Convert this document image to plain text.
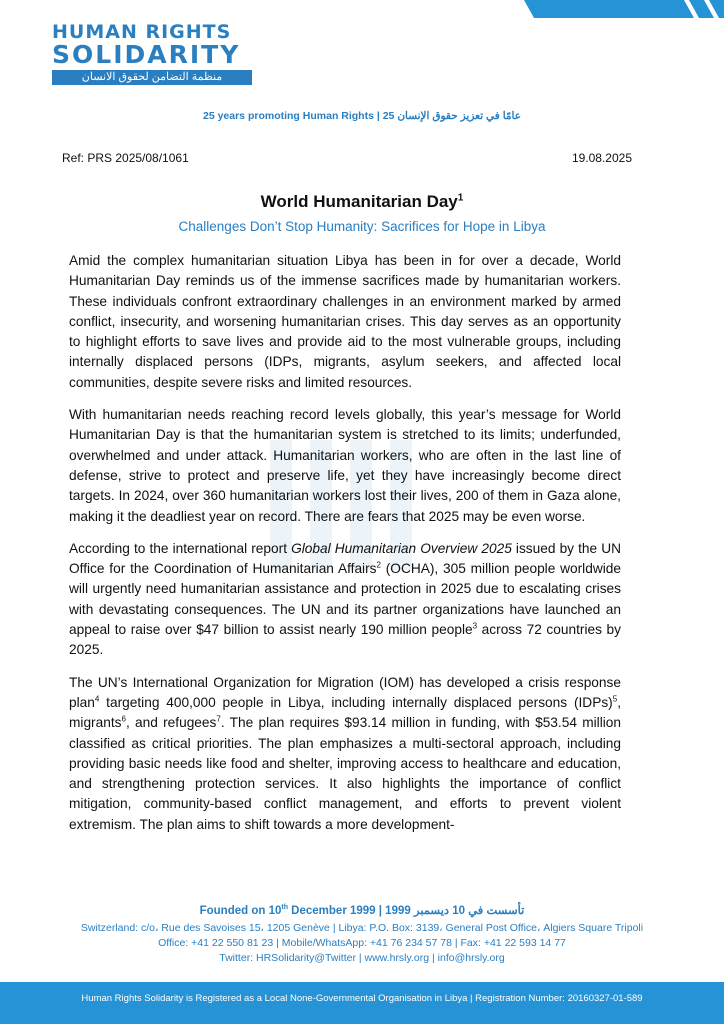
HUMAN RIGHTS
SOLIDARITY
منظمة التضامن لحقوق الانسان
25 years promoting Human Rights | 25 عامًا في تعزيز حقوق الإنسان
Ref: PRS 2025/08/1061	19.08.2025
World Humanitarian Day$^1$
Challenges Don’t Stop Humanity: Sacrifices for Hope in Libya

Amid the complex humanitarian situation Libya has been in for over a decade, World Humanitarian Day reminds us of the immense sacrifices made by humanitarian workers. These individuals confront extraordinary challenges in an environment marked by armed conflict, insecurity, and worsening humanitarian crises. This day serves as an opportunity to highlight efforts to save lives and provide aid to the most vulnerable groups, including internally displaced persons (IDPs, migrants, asylum seekers, and affected local communities, despite severe risks and limited resources.

With humanitarian needs reaching record levels globally, this year’s message for World Humanitarian Day is that the humanitarian system is stretched to its limits; underfunded, overwhelmed and under attack. Humanitarian workers, who are often in the last line of defense, strive to protect and preserve life, yet they have increasingly become direct targets. In 2024, over 360 humanitarian workers lost their lives, 200 of them in Gaza alone, making it the deadliest year on record. There are fears that 2025 may be even worse.

According to the international report Global Humanitarian Overview 2025 issued by the UN Office for the Coordination of Humanitarian Affairs$^2$ (OCHA), 305 million people worldwide will urgently need humanitarian assistance and protection in 2025 due to escalating crises with devastating consequences. The UN and its partner organizations have launched an appeal to raise over $47 billion to assist nearly 190 million people$^3$ across 72 countries by 2025.

The UN’s International Organization for Migration (IOM) has developed a crisis response plan$^4$ targeting 400,000 people in Libya, including internally displaced persons (IDPs)$^5$, migrants$^6$, and refugees$^7$. The plan requires $93.14 million in funding, with $53.54 million classified as critical priorities. The plan emphasizes a multi-sectoral approach, including providing basic needs like food and shelter, improving access to healthcare and education, and strengthening protection services. It also highlights the importance of conflict mitigation, community-based conflict management, and efforts to prevent violent extremism. The plan aims to shift towards a more development-

Founded on 10th December 1999 | 1999 تأسست في 10 ديسمبر
Switzerland: c/o، Rue des Savoises 15، 1205 Genève | Libya: P.O. Box: 3139، General Post Office، Algiers Square Tripoli
Office: +41 22 550 81 23 | Mobile/WhatsApp: +41 76 234 57 78 | Fax: +41 22 593 14 77
Twitter: HRSolidarity@Twitter | www.hrsly.org | info@hrsly.org
Human Rights Solidarity is Registered as a Local None-Governmental Organisation in Libya | Registration Number: 20160327-01-589
